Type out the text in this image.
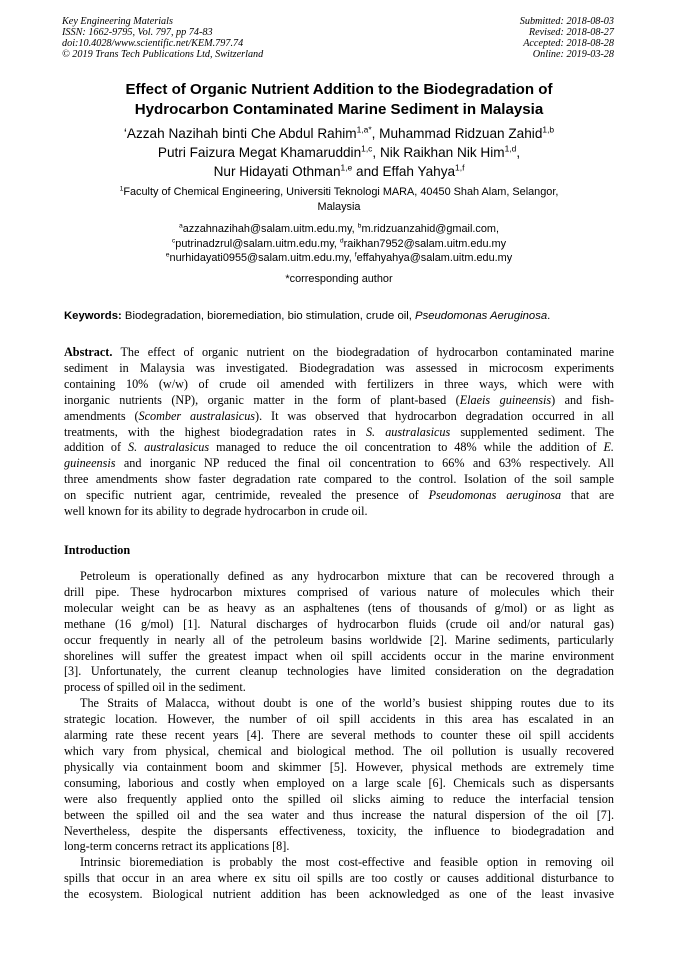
Key Engineering Materials
ISSN: 1662-9795, Vol. 797, pp 74-83
doi:10.4028/www.scientific.net/KEM.797.74
© 2019 Trans Tech Publications Ltd, Switzerland
Submitted: 2018-08-03
Revised: 2018-08-27
Accepted: 2018-08-28
Online: 2019-03-28
Effect of Organic Nutrient Addition to the Biodegradation of
Hydrocarbon Contaminated Marine Sediment in Malaysia
‘Azzah Nazihah binti Che Abdul Rahim$^{1,a*}$, Muhammad Ridzuan Zahid$^{1,b}$
Putri Faizura Megat Khamaruddin$^{1,c}$, Nik Raikhan Nik Him$^{1,d}$,
Nur Hidayati Othman$^{1,e}$ and Effah Yahya$^{1,f}$
$^1$Faculty of Chemical Engineering, Universiti Teknologi MARA, 40450 Shah Alam, Selangor,
Malaysia
$^a$azzahnazihah@salam.uitm.edu.my, $^b$m.ridzuanzahid@gmail.com,
$^c$putrinadzrul@salam.uitm.edu.my, $^d$raikhan7952@salam.uitm.edu.my
$^e$nurhidayati0955@salam.uitm.edu.my, $^f$effahyahya@salam.uitm.edu.my
*corresponding author
Keywords: Biodegradation, bioremediation, bio stimulation, crude oil, Pseudomonas Aeruginosa.
Abstract. The effect of organic nutrient on the biodegradation of hydrocarbon contaminated marine
sediment in Malaysia was investigated. Biodegradation was assessed in microcosm experiments
containing 10% (w/w) of crude oil amended with fertilizers in three ways, which were with
inorganic nutrients (NP), organic matter in the form of plant-based (Elaeis guineensis) and fish-
amendments (Scomber australasicus). It was observed that hydrocarbon degradation occurred in all
treatments, with the highest biodegradation rates in S. australasicus supplemented sediment. The
addition of S. australasicus managed to reduce the oil concentration to 48% while the addition of E.
guineensis and inorganic NP reduced the final oil concentration to 66% and 63% respectively. All
three amendments show faster degradation rate compared to the control. Isolation of the soil sample
on specific nutrient agar, centrimide, revealed the presence of Pseudomonas aeruginosa that are
well known for its ability to degrade hydrocarbon in crude oil.
Introduction
Petroleum is operationally defined as any hydrocarbon mixture that can be recovered through a
drill pipe. These hydrocarbon mixtures comprised of various nature of molecules which their
molecular weight can be as heavy as an asphaltenes (tens of thousands of g/mol) or as light as
methane (16 g/mol) [1]. Natural discharges of hydrocarbon fluids (crude oil and/or natural gas)
occur frequently in nearly all of the petroleum basins worldwide [2]. Marine sediments, particularly
shorelines will suffer the greatest impact when oil spill accidents occur in the marine environment
[3]. Unfortunately, the current cleanup technologies have limited consideration on the degradation
process of spilled oil in the sediment.
The Straits of Malacca, without doubt is one of the world’s busiest shipping routes due to its
strategic location. However, the number of oil spill accidents in this area has escalated in an
alarming rate these recent years [4]. There are several methods to counter these oil spill accidents
which vary from physical, chemical and biological method. The oil pollution is usually recovered
physically via containment boom and skimmer [5]. However, physical methods are extremely time
consuming, laborious and costly when employed on a large scale [6]. Chemicals such as dispersants
were also frequently applied onto the spilled oil slicks aiming to reduce the interfacial tension
between the spilled oil and the sea water and thus increase the natural dispersion of the oil [7].
Nevertheless, despite the dispersants effectiveness, toxicity, the influence to biodegradation and
long-term concerns retract its applications [8].
Intrinsic bioremediation is probably the most cost-effective and feasible option in removing oil
spills that occur in an area where ex situ oil spills are too costly or causes additional disturbance to
the ecosystem. Biological nutrient addition has been acknowledged as one of the least invasive
